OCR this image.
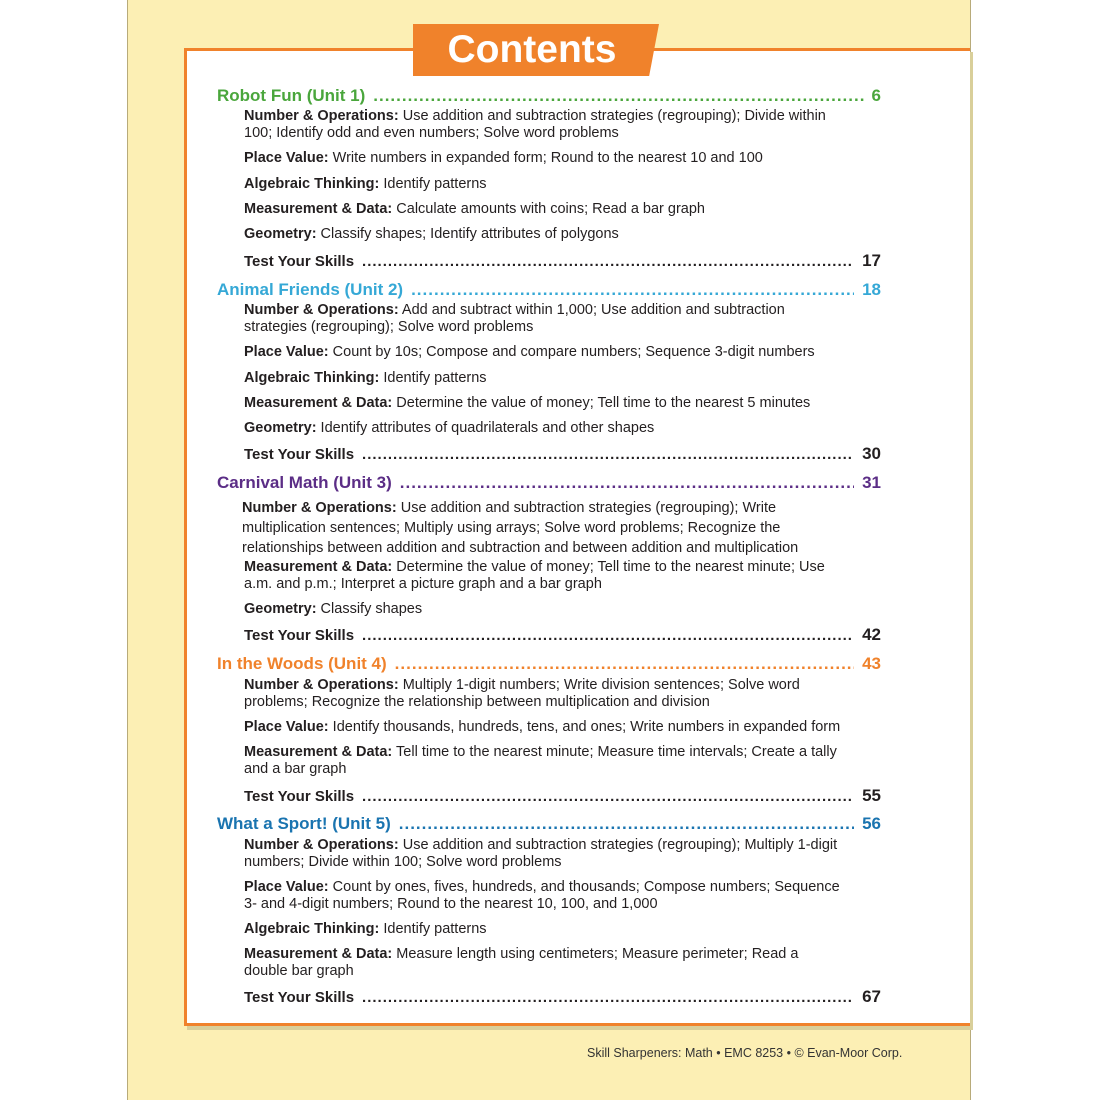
Contents
Robot Fun (Unit 1) .....	6
Number & Operations: Use addition and subtraction strategies (regrouping); Divide within 100; Identify odd and even numbers; Solve word problems
Place Value: Write numbers in expanded form; Round to the nearest 10 and 100
Algebraic Thinking: Identify patterns
Measurement & Data: Calculate amounts with coins; Read a bar graph
Geometry: Classify shapes; Identify attributes of polygons
Test Your Skills .....	17
Animal Friends (Unit 2) .....	18
Number & Operations: Add and subtract within 1,000; Use addition and subtraction strategies (regrouping); Solve word problems
Place Value: Count by 10s; Compose and compare numbers; Sequence 3-digit numbers
Algebraic Thinking: Identify patterns
Measurement & Data: Determine the value of money; Tell time to the nearest 5 minutes
Geometry: Identify attributes of quadrilaterals and other shapes
Test Your Skills .....	30
Carnival Math (Unit 3) .....	31
Number & Operations: Use addition and subtraction strategies (regrouping); Write multiplication sentences; Multiply using arrays; Solve word problems; Recognize the relationships between addition and subtraction and between addition and multiplication
Measurement & Data: Determine the value of money; Tell time to the nearest minute; Use a.m. and p.m.; Interpret a picture graph and a bar graph
Geometry: Classify shapes
Test Your Skills .....	42
In the Woods (Unit 4) .....	43
Number & Operations: Multiply 1-digit numbers; Write division sentences; Solve word problems; Recognize the relationship between multiplication and division
Place Value: Identify thousands, hundreds, tens, and ones; Write numbers in expanded form
Measurement & Data: Tell time to the nearest minute; Measure time intervals; Create a tally and a bar graph
Test Your Skills .....	55
What a Sport! (Unit 5) .....	56
Number & Operations: Use addition and subtraction strategies (regrouping); Multiply 1-digit numbers; Divide within 100; Solve word problems
Place Value: Count by ones, fives, hundreds, and thousands; Compose numbers; Sequence 3- and 4-digit numbers; Round to the nearest 10, 100, and 1,000
Algebraic Thinking: Identify patterns
Measurement & Data: Measure length using centimeters; Measure perimeter; Read a double bar graph
Test Your Skills .....	67
Skill Sharpeners: Math • EMC 8253 • © Evan-Moor Corp.
